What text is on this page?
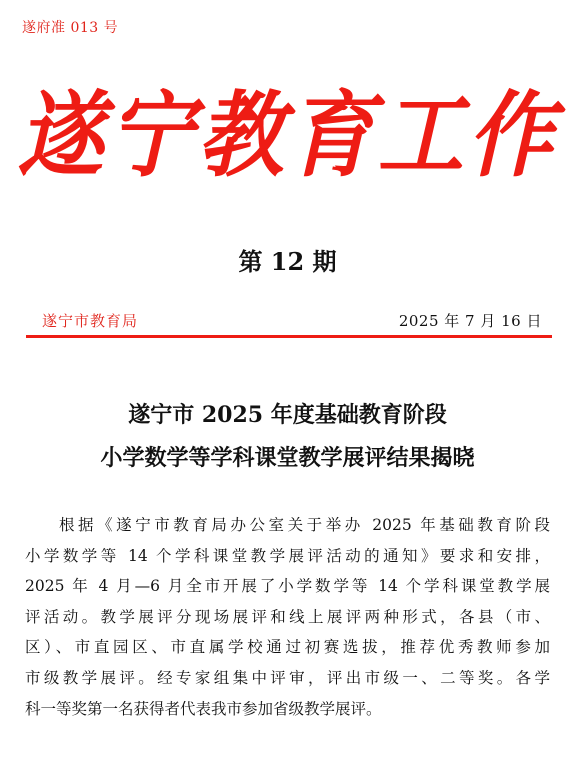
遂府准 013 号
遂宁教育工作
第 12 期
遂宁市教育局	2025 年 7 月 16 日
遂宁市 2025 年度基础教育阶段
小学数学等学科课堂教学展评结果揭晓
根据《遂宁市教育局办公室关于举办 2025 年基础教育阶段
小学数学等 14 个学科课堂教学展评活动的通知》要求和安排，
2025 年 4 月—6 月全市开展了小学数学等 14 个学科课堂教学展
评活动。教学展评分现场展评和线上展评两种形式，各县（市、
区）、市直园区、市直属学校通过初赛选拔，推荐优秀教师参加
市级教学展评。经专家组集中评审，评出市级一、二等奖。各学
科一等奖第一名获得者代表我市参加省级教学展评。
